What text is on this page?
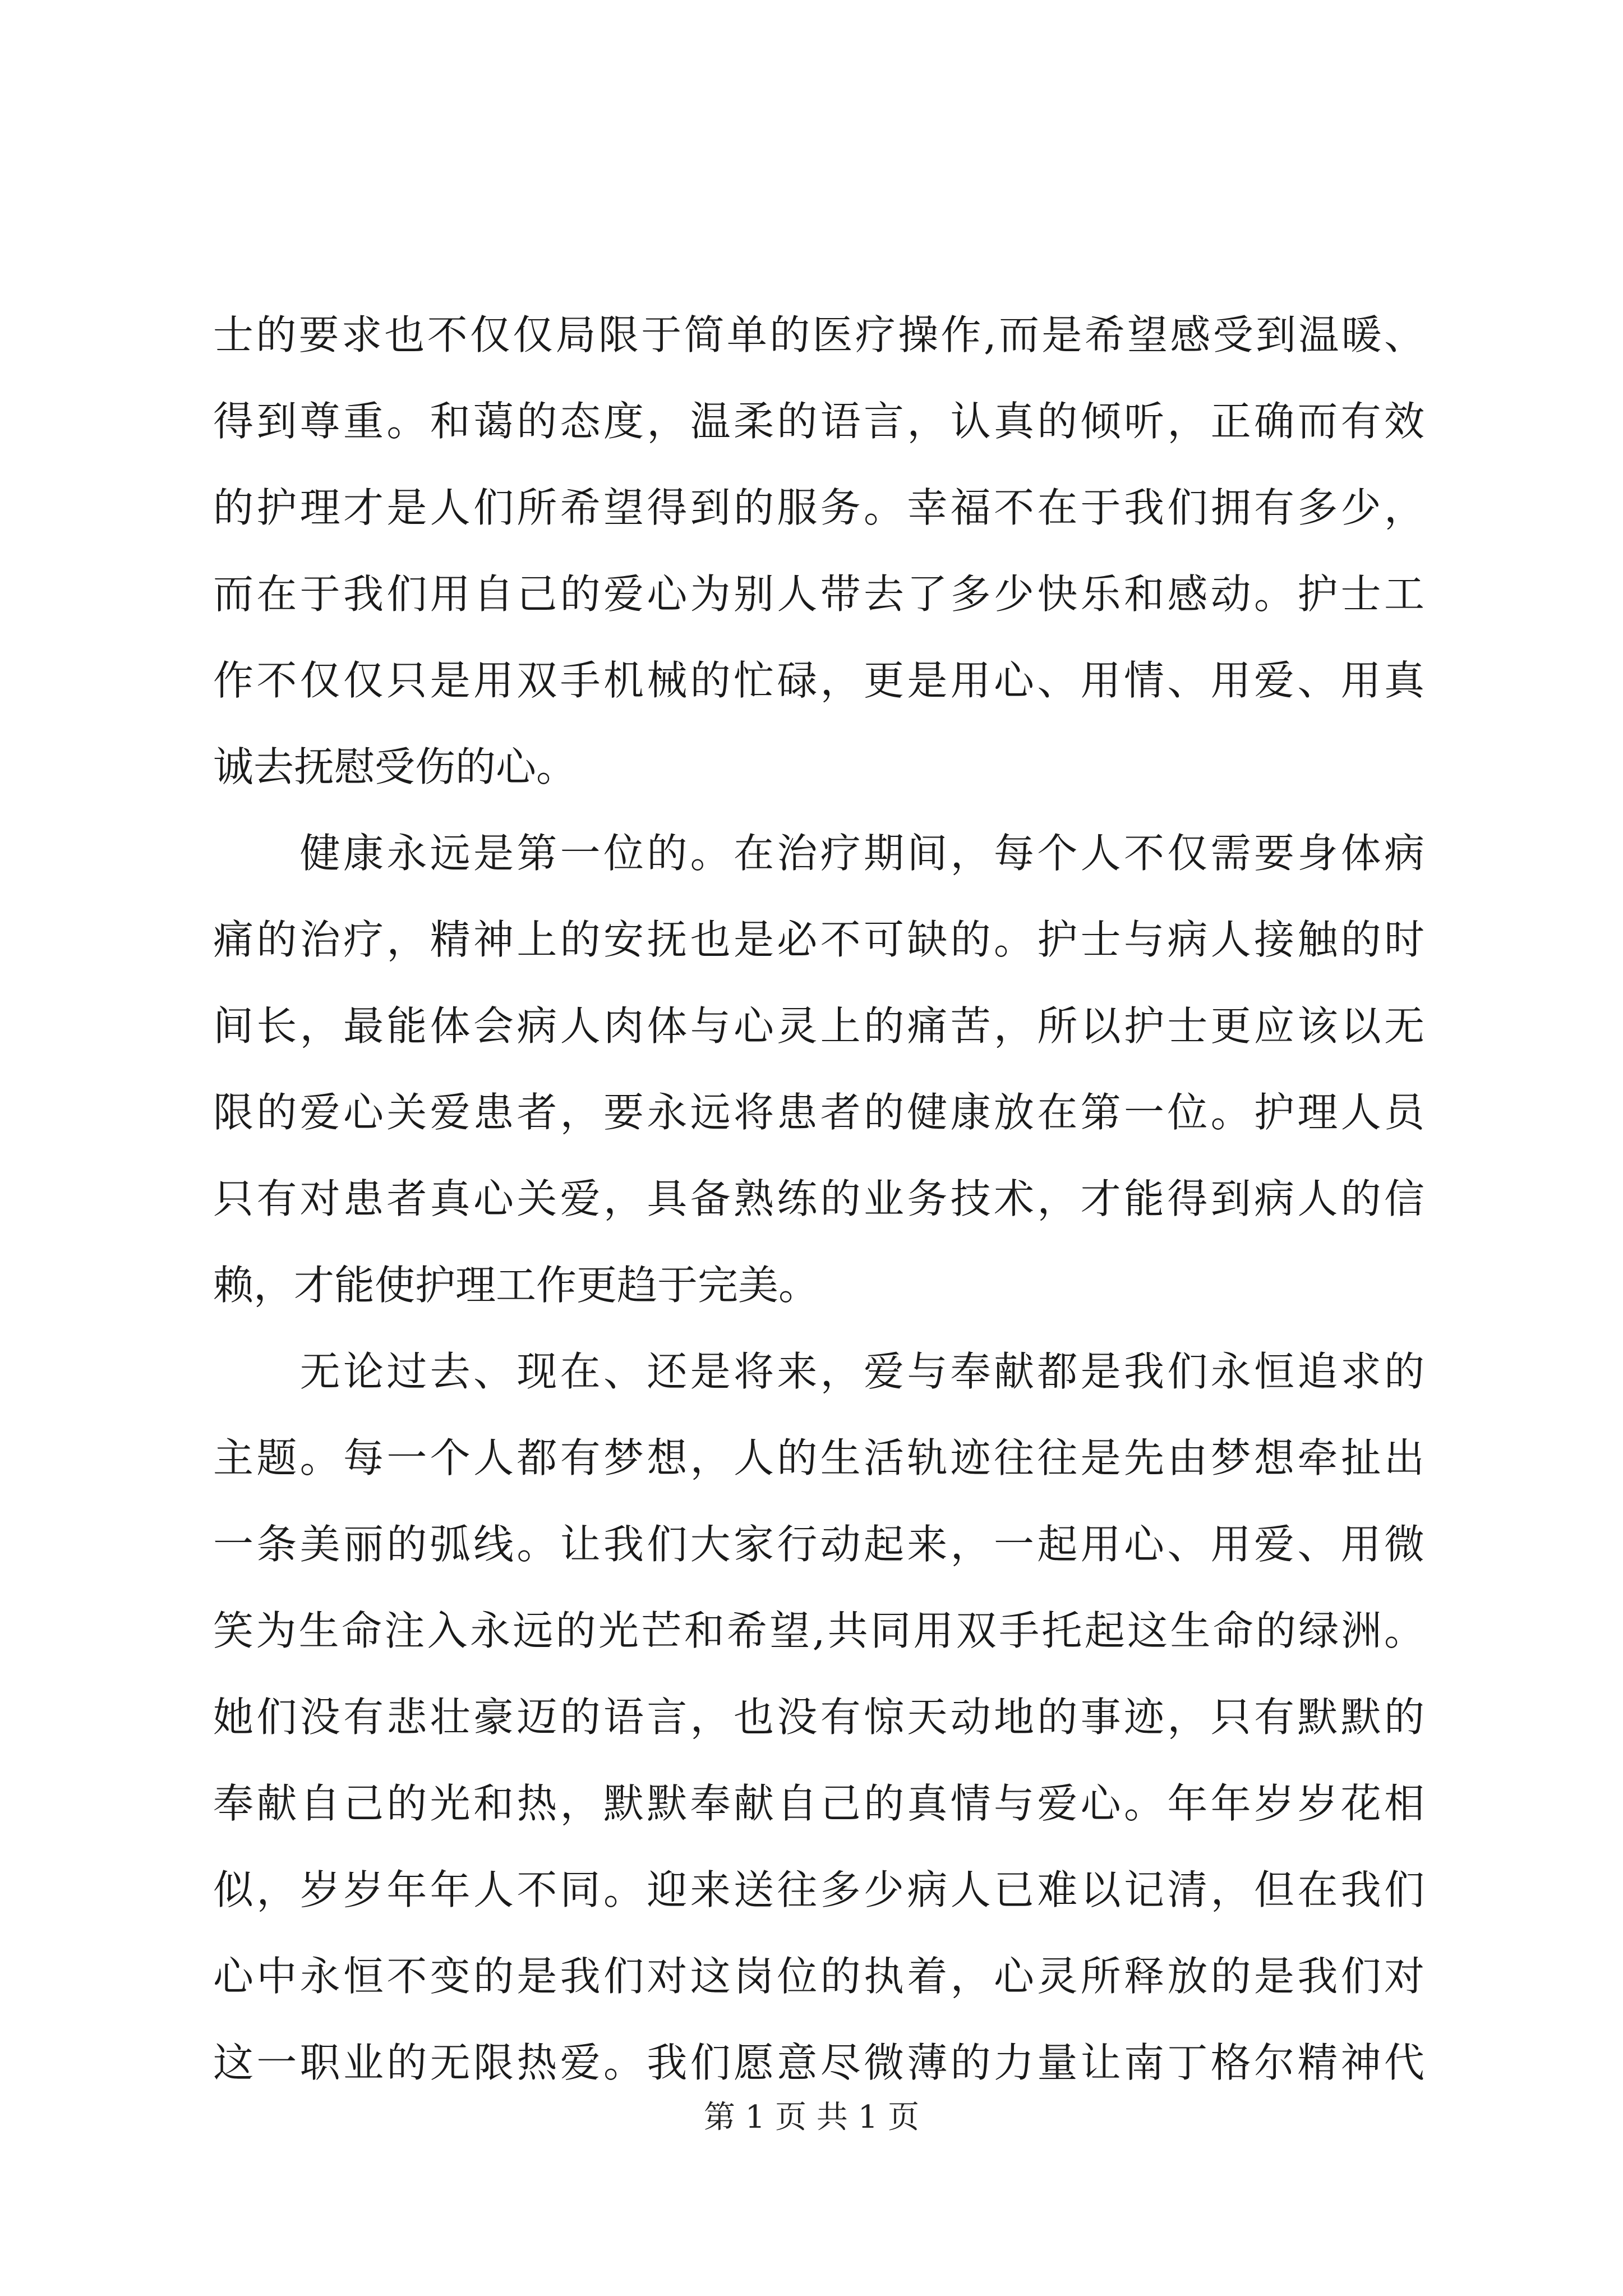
士的要求也不仅仅局限于简单的医疗操作,而是希望感受到温暖、
得到尊重。和蔼的态度，温柔的语言，认真的倾听，正确而有效
的护理才是人们所希望得到的服务。幸福不在于我们拥有多少，
而在于我们用自己的爱心为别人带去了多少快乐和感动。护士工
作不仅仅只是用双手机械的忙碌，更是用心、用情、用爱、用真
诚去抚慰受伤的心。
　　健康永远是第一位的。在治疗期间，每个人不仅需要身体病
痛的治疗，精神上的安抚也是必不可缺的。护士与病人接触的时
间长，最能体会病人肉体与心灵上的痛苦，所以护士更应该以无
限的爱心关爱患者，要永远将患者的健康放在第一位。护理人员
只有对患者真心关爱，具备熟练的业务技术，才能得到病人的信
赖，才能使护理工作更趋于完美。
　　无论过去、现在、还是将来，爱与奉献都是我们永恒追求的
主题。每一个人都有梦想，人的生活轨迹往往是先由梦想牵扯出
一条美丽的弧线。让我们大家行动起来，一起用心、用爱、用微
笑为生命注入永远的光芒和希望,共同用双手托起这生命的绿洲。
她们没有悲壮豪迈的语言，也没有惊天动地的事迹，只有默默的
奉献自己的光和热，默默奉献自己的真情与爱心。年年岁岁花相
似，岁岁年年人不同。迎来送往多少病人已难以记清，但在我们
心中永恒不变的是我们对这岗位的执着，心灵所释放的是我们对
这一职业的无限热爱。我们愿意尽微薄的力量让南丁格尔精神代
第 1 页 共 1 页
